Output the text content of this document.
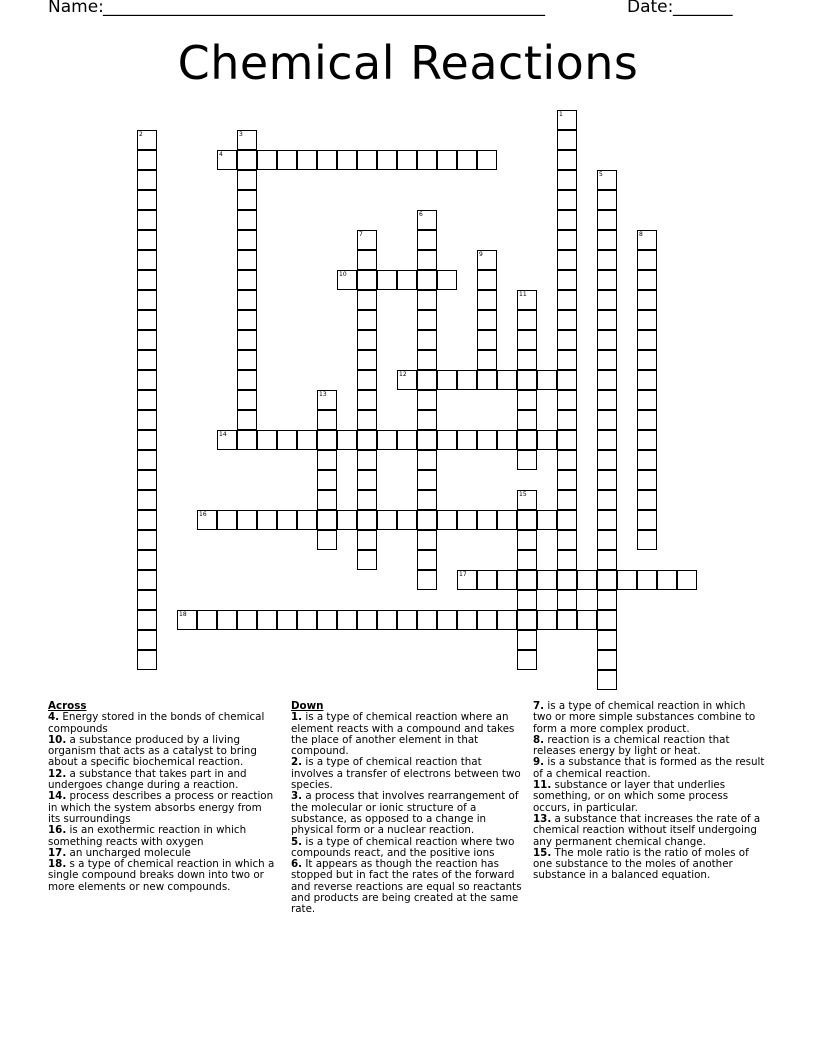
Name: ____________________________________________________	Date: _______
Chemical Reactions
1
2	3
4
5
6
7	8
9
10
11
12
13
14
15
16
17
18
Across
4. Energy stored in the bonds of chemical compounds
10. a substance produced by a living organism that acts as a catalyst to bring about a specific biochemical reaction.
12. a substance that takes part in and undergoes change during a reaction.
14. process describes a process or reaction in which the system absorbs energy from its surroundings
16. is an exothermic reaction in which something reacts with oxygen
17. an uncharged molecule
18. s a type of chemical reaction in which a single compound breaks down into two or more elements or new compounds.
Down
1. is a type of chemical reaction where an element reacts with a compound and takes the place of another element in that compound.
2. is a type of chemical reaction that involves a transfer of electrons between two species.
3. a process that involves rearrangement of the molecular or ionic structure of a substance, as opposed to a change in physical form or a nuclear reaction.
5. is a type of chemical reaction where two compounds react, and the positive ions
6. It appears as though the reaction has stopped but in fact the rates of the forward and reverse reactions are equal so reactants and products are being created at the same rate.
7. is a type of chemical reaction in which two or more simple substances combine to form a more complex product.
8. reaction is a chemical reaction that releases energy by light or heat.
9. is a substance that is formed as the result of a chemical reaction.
11. substance or layer that underlies something, or on which some process occurs, in particular.
13. a substance that increases the rate of a chemical reaction without itself undergoing any permanent chemical change.
15. The mole ratio is the ratio of moles of one substance to the moles of another substance in a balanced equation.
